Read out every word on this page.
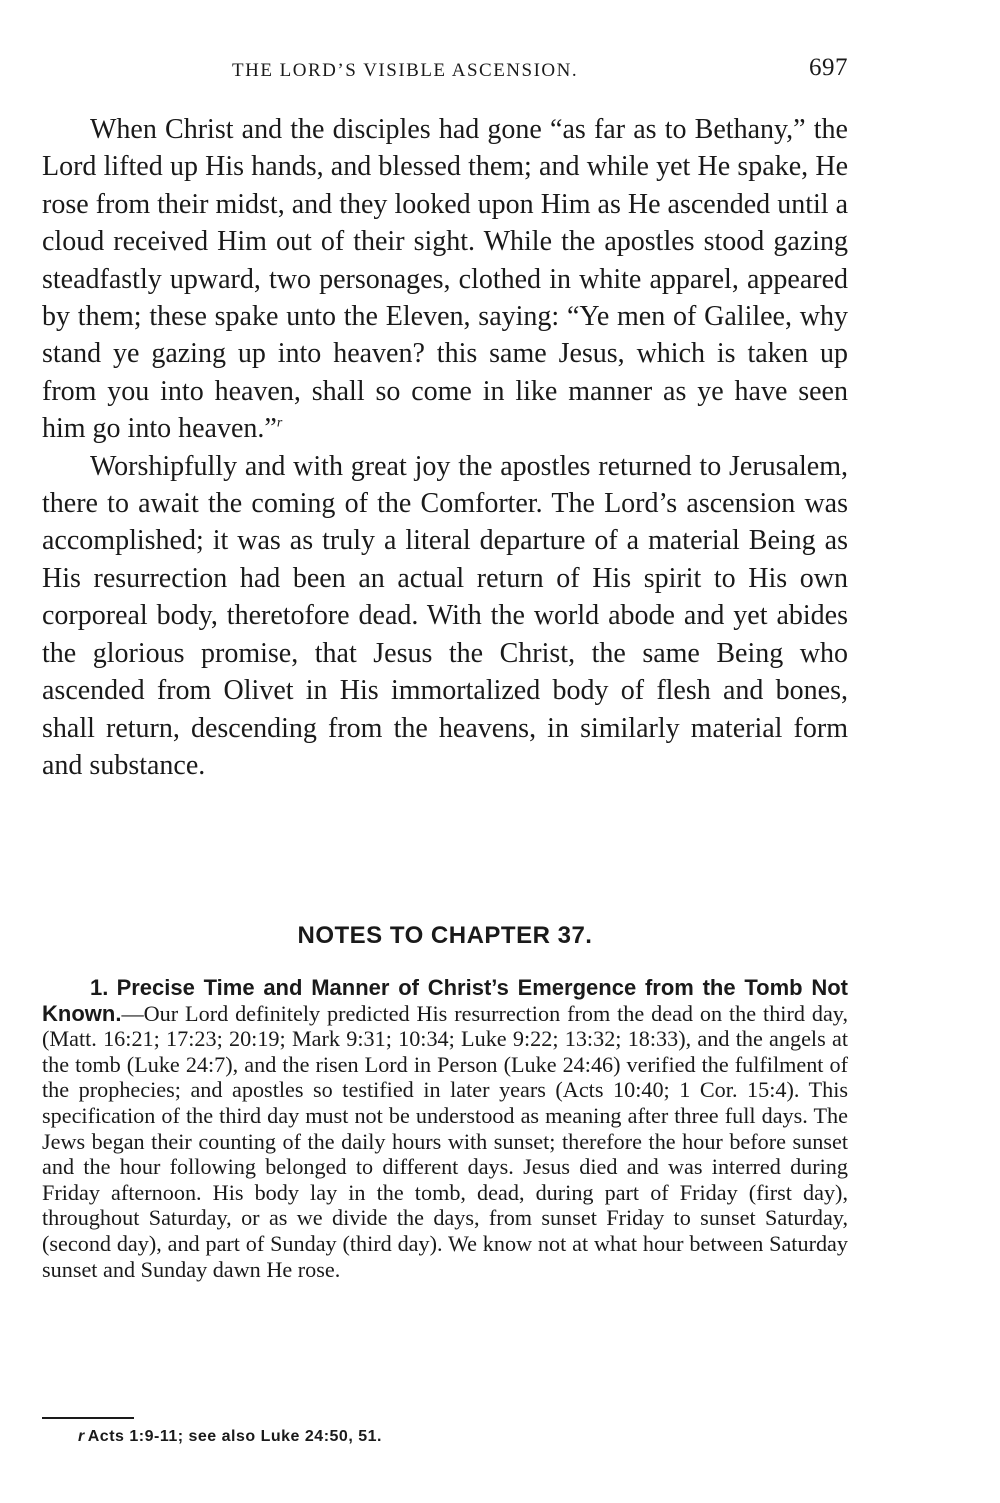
THE LORD’S VISIBLE ASCENSION.	697

When Christ and the disciples had gone “as far as to Bethany,” the Lord lifted up His hands, and blessed them; and while yet He spake, He rose from their midst, and they looked upon Him as He ascended until a cloud received Him out of their sight. While the apostles stood gazing steadfastly upward, two personages, clothed in white apparel, appeared by them; these spake unto the Eleven, saying: “Ye men of Galilee, why stand ye gazing up into heaven? this same Jesus, which is taken up from you into heaven, shall so come in like manner as ye have seen him go into heaven.”$^r$

Worshipfully and with great joy the apostles returned to Jerusalem, there to await the coming of the Comforter. The Lord’s ascension was accomplished; it was as truly a literal departure of a material Being as His resurrection had been an actual return of His spirit to His own corporeal body, theretofore dead. With the world abode and yet abides the glorious promise, that Jesus the Christ, the same Being who ascended from Olivet in His immortalized body of flesh and bones, shall return, descending from the heavens, in similarly material form and substance.

NOTES TO CHAPTER 37.

1. Precise Time and Manner of Christ’s Emergence from the Tomb Not Known.—Our Lord definitely predicted His resurrection from the dead on the third day, (Matt. 16:21; 17:23; 20:19; Mark 9:31; 10:34; Luke 9:22; 13:32; 18:33), and the angels at the tomb (Luke 24:7), and the risen Lord in Person (Luke 24:46) verified the fulfilment of the prophecies; and apostles so testified in later years (Acts 10:40; 1 Cor. 15:4). This specification of the third day must not be understood as meaning after three full days. The Jews began their counting of the daily hours with sunset; therefore the hour before sunset and the hour following belonged to different days. Jesus died and was interred during Friday afternoon. His body lay in the tomb, dead, during part of Friday (first day), throughout Saturday, or as we divide the days, from sunset Friday to sunset Saturday, (second day), and part of Sunday (third day). We know not at what hour between Saturday sunset and Sunday dawn He rose.

r Acts 1:9-11; see also Luke 24:50, 51.
